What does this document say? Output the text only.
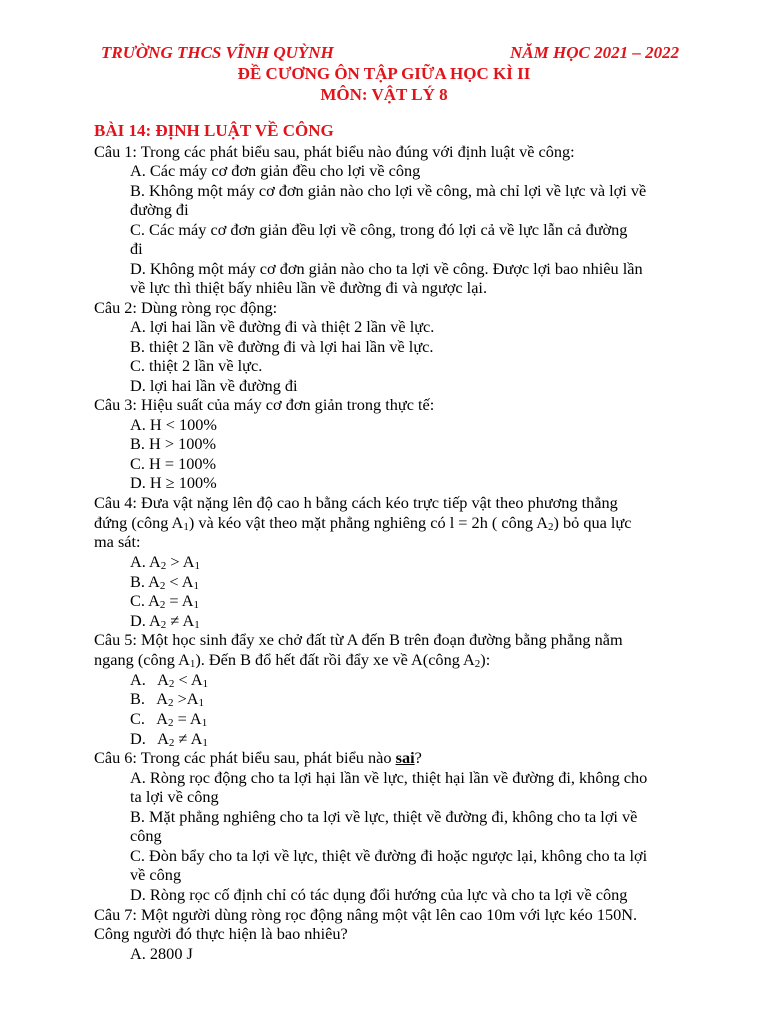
TRƯỜNG THCS VĨNH QUỲNH	NĂM HỌC 2021 – 2022
ĐỀ CƯƠNG ÔN TẬP GIỮA HỌC KÌ II
MÔN: VẬT LÝ 8
BÀI 14: ĐỊNH LUẬT VỀ CÔNG
Câu 1: Trong các phát biểu sau, phát biểu nào đúng với định luật về công:
A. Các máy cơ đơn giản đều cho lợi về công
B. Không một máy cơ đơn giản nào cho lợi về công, mà chỉ lợi về lực và lợi về
đường đi
C. Các máy cơ đơn giản đều lợi về công, trong đó lợi cả về lực lẫn cả đường
đi
D. Không một máy cơ đơn giản nào cho ta lợi về công. Được lợi bao nhiêu lần
về lực thì thiệt bấy nhiêu lần về đường đi và ngược lại.
Câu 2: Dùng ròng rọc động:
A. lợi hai lần về đường đi và thiệt 2 lần về lực.
B. thiệt 2 lần về đường đi và lợi hai lần về lực.
C. thiệt 2 lần về lực.
D. lợi hai lần về đường đi
Câu 3: Hiệu suất của máy cơ đơn giản trong thực tế:
A. H < 100%
B. H > 100%
C. H = 100%
D. H ≥ 100%
Câu 4: Đưa vật nặng lên độ cao h bằng cách kéo trực tiếp vật theo phương thẳng
đứng (công $A_1$) và kéo vật theo mặt phẳng nghiêng có l = 2h ( công $A_2$) bỏ qua lực
ma sát:
A. $A_2 > A_1$
B. $A_2 < A_1$
C. $A_2 = A_1$
D. $A_2 \ne A_1$
Câu 5: Một học sinh đẩy xe chở đất từ A đến B trên đoạn đường bằng phẳng nằm
ngang (công $A_1$). Đến B đổ hết đất rồi đẩy xe về A(công $A_2$):
A.   $A_2 < A_1$
B.   $A_2 >A_1$
C.   $A_2 = A_1$
D.   $A_2 \ne A_1$
Câu 6: Trong các phát biểu sau, phát biểu nào sai?
A. Ròng rọc động cho ta lợi hại lần về lực, thiệt hại lần về đường đi, không cho
ta lợi về công
B. Mặt phẳng nghiêng cho ta lợi về lực, thiệt về đường đi, không cho ta lợi về
công
C. Đòn bẩy cho ta lợi về lực, thiệt về đường đi hoặc ngược lại, không cho ta lợi
về công
D. Ròng rọc cố định chỉ có tác dụng đổi hướng của lực và cho ta lợi về công
Câu 7: Một người dùng ròng rọc động nâng một vật lên cao 10m với lực kéo 150N.
Công người đó thực hiện là bao nhiêu?
A. 2800 J
